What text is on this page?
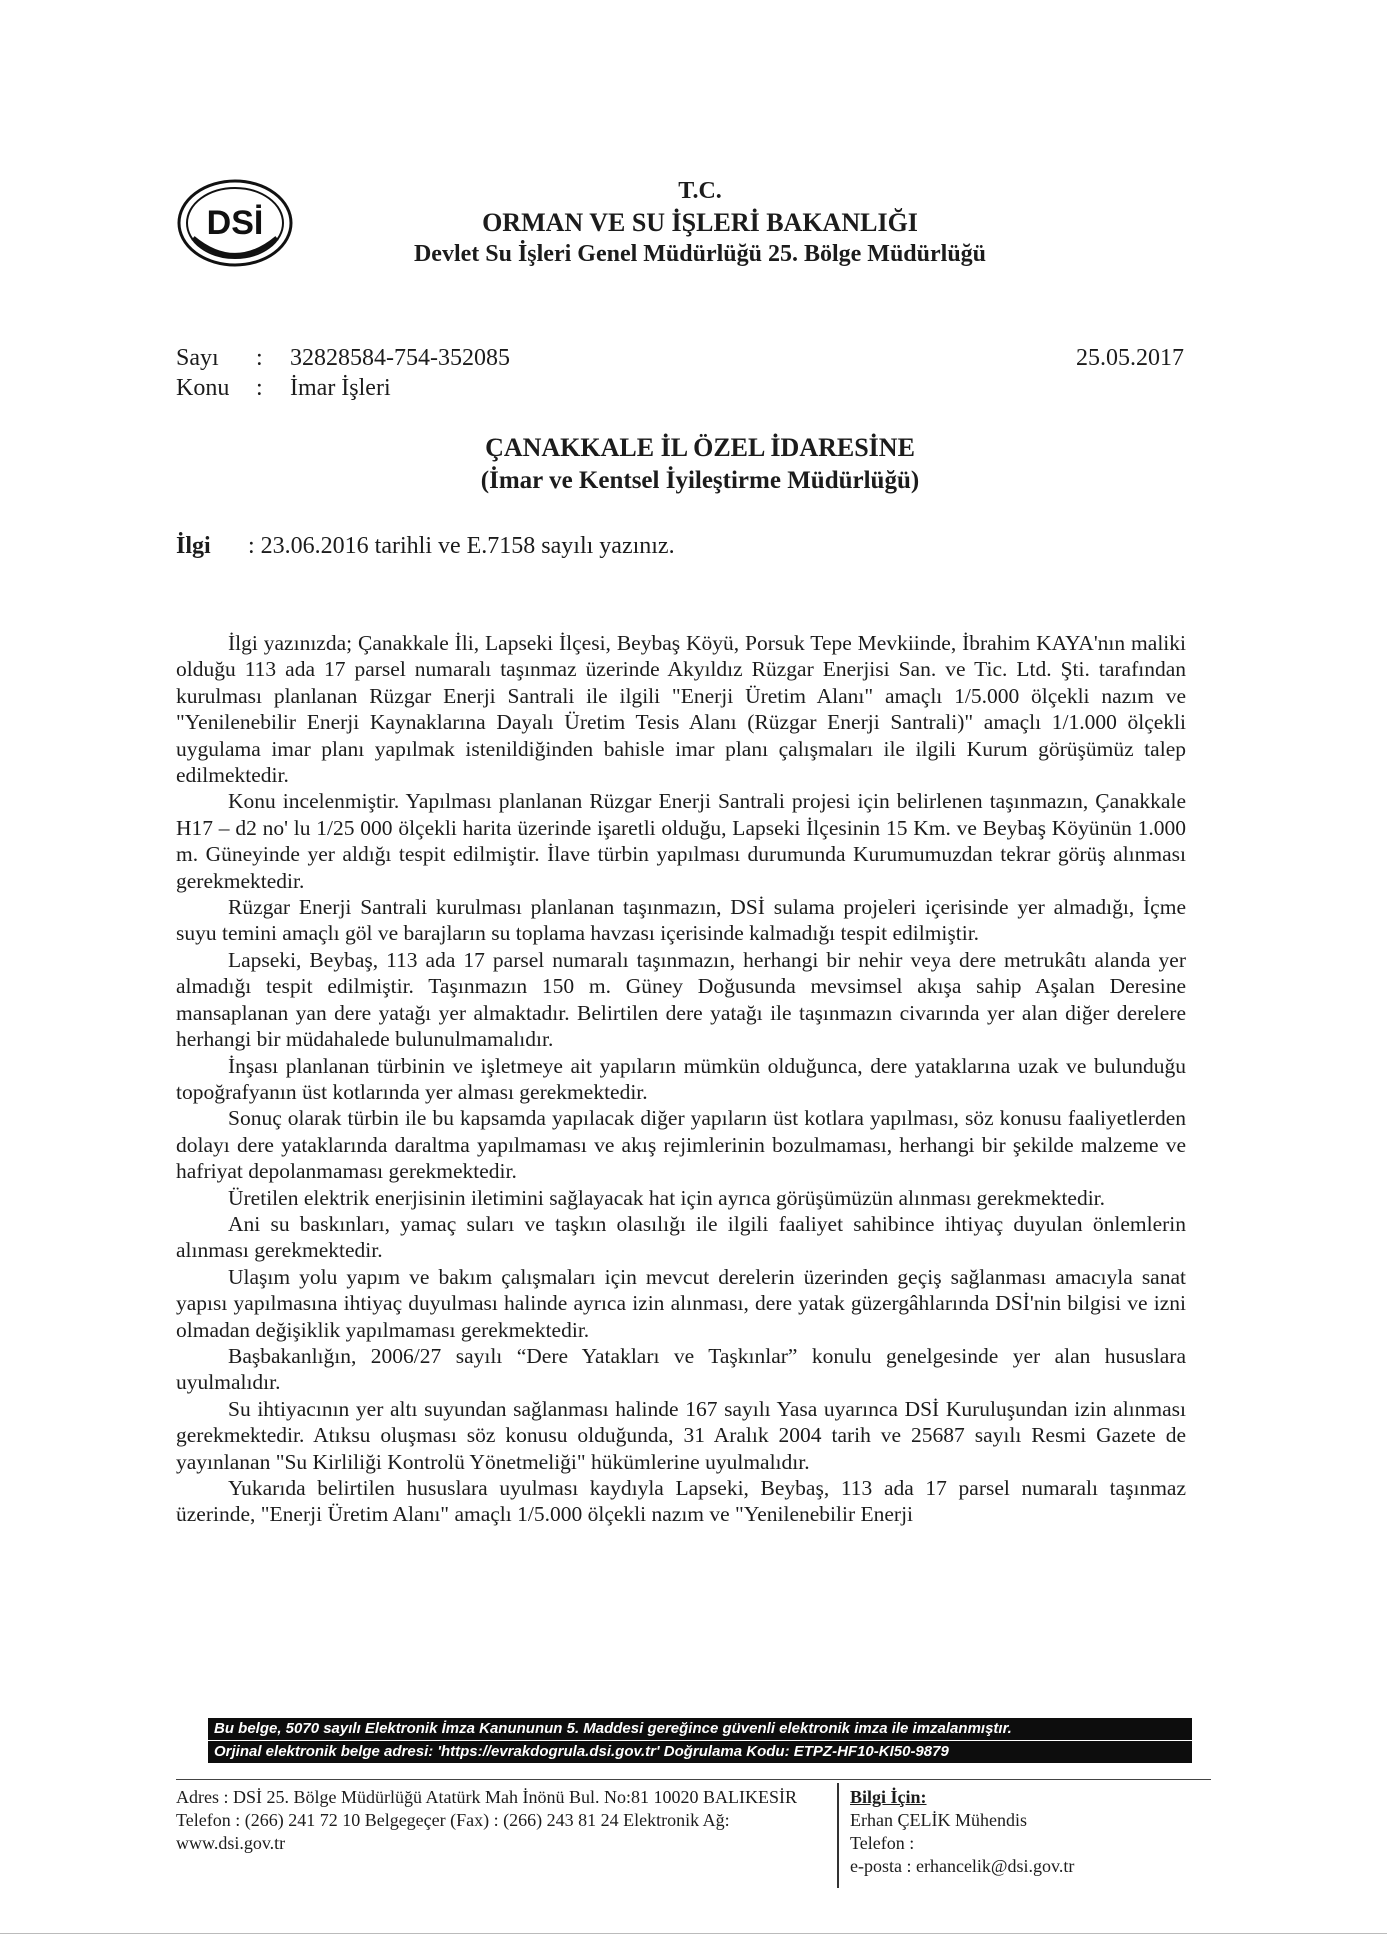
DSİ
T.C.
ORMAN VE SU İŞLERİ BAKANLIĞI
Devlet Su İşleri Genel Müdürlüğü 25. Bölge Müdürlüğü
Sayı : 32828584-754-352085
Konu : İmar İşleri
25.05.2017
ÇANAKKALE İL ÖZEL İDARESİNE
(İmar ve Kentsel İyileştirme Müdürlüğü)
İlgi : 23.06.2016 tarihli ve E.7158 sayılı yazınız.

İlgi yazınızda; Çanakkale İli, Lapseki İlçesi, Beybaş Köyü, Porsuk Tepe Mevkiinde, İbrahim KAYA'nın maliki olduğu 113 ada 17 parsel numaralı taşınmaz üzerinde Akyıldız Rüzgar Enerjisi San. ve Tic. Ltd. Şti. tarafından kurulması planlanan Rüzgar Enerji Santrali ile ilgili "Enerji Üretim Alanı" amaçlı 1/5.000 ölçekli nazım ve "Yenilenebilir Enerji Kaynaklarına Dayalı Üretim Tesis Alanı (Rüzgar Enerji Santrali)" amaçlı 1/1.000 ölçekli uygulama imar planı yapılmak istenildiğinden bahisle imar planı çalışmaları ile ilgili Kurum görüşümüz talep edilmektedir.

Konu incelenmiştir. Yapılması planlanan Rüzgar Enerji Santrali projesi için belirlenen taşınmazın, Çanakkale H17 – d2 no' lu 1/25 000 ölçekli harita üzerinde işaretli olduğu, Lapseki İlçesinin 15 Km. ve Beybaş Köyünün 1.000 m. Güneyinde yer aldığı tespit edilmiştir. İlave türbin yapılması durumunda Kurumumuzdan tekrar görüş alınması gerekmektedir.

Rüzgar Enerji Santrali kurulması planlanan taşınmazın, DSİ sulama projeleri içerisinde yer almadığı, İçme suyu temini amaçlı göl ve barajların su toplama havzası içerisinde kalmadığı tespit edilmiştir.

Lapseki, Beybaş, 113 ada 17 parsel numaralı taşınmazın, herhangi bir nehir veya dere metrukâtı alanda yer almadığı tespit edilmiştir. Taşınmazın 150 m. Güney Doğusunda mevsimsel akışa sahip Aşalan Deresine mansaplanan yan dere yatağı yer almaktadır. Belirtilen dere yatağı ile taşınmazın civarında yer alan diğer derelere herhangi bir müdahalede bulunulmamalıdır.

İnşası planlanan türbinin ve işletmeye ait yapıların mümkün olduğunca, dere yataklarına uzak ve bulunduğu topoğrafyanın üst kotlarında yer alması gerekmektedir.

Sonuç olarak türbin ile bu kapsamda yapılacak diğer yapıların üst kotlara yapılması, söz konusu faaliyetlerden dolayı dere yataklarında daraltma yapılmaması ve akış rejimlerinin bozulmaması, herhangi bir şekilde malzeme ve hafriyat depolanmaması gerekmektedir.

Üretilen elektrik enerjisinin iletimini sağlayacak hat için ayrıca görüşümüzün alınması gerekmektedir.

Ani su baskınları, yamaç suları ve taşkın olasılığı ile ilgili faaliyet sahibince ihtiyaç duyulan önlemlerin alınması gerekmektedir.

Ulaşım yolu yapım ve bakım çalışmaları için mevcut derelerin üzerinden geçiş sağlanması amacıyla sanat yapısı yapılmasına ihtiyaç duyulması halinde ayrıca izin alınması, dere yatak güzergâhlarında DSİ'nin bilgisi ve izni olmadan değişiklik yapılmaması gerekmektedir.

Başbakanlığın, 2006/27 sayılı “Dere Yatakları ve Taşkınlar” konulu genelgesinde yer alan hususlara uyulmalıdır.

Su ihtiyacının yer altı suyundan sağlanması halinde 167 sayılı Yasa uyarınca DSİ Kuruluşundan izin alınması gerekmektedir. Atıksu oluşması söz konusu olduğunda, 31 Aralık 2004 tarih ve 25687 sayılı Resmi Gazete de yayınlanan "Su Kirliliği Kontrolü Yönetmeliği" hükümlerine uyulmalıdır.

Yukarıda belirtilen hususlara uyulması kaydıyla Lapseki, Beybaş, 113 ada 17 parsel numaralı taşınmaz üzerinde, "Enerji Üretim Alanı" amaçlı 1/5.000 ölçekli nazım ve "Yenilenebilir Enerji

Bu belge, 5070 sayılı Elektronik İmza Kanununun 5. Maddesi gereğince güvenli elektronik imza ile imzalanmıştır.
Orjinal elektronik belge adresi: 'https://evrakdogrula.dsi.gov.tr' Doğrulama Kodu: ETPZ-HF10-KI50-9879
Adres : DSİ 25. Bölge Müdürlüğü Atatürk Mah İnönü Bul. No:81 10020 BALIKESİR
Telefon : (266) 241 72 10 Belgegeçer (Fax) : (266) 243 81 24 Elektronik Ağ: www.dsi.gov.tr
Bilgi İçin:
Erhan ÇELİK Mühendis
Telefon :
e-posta : erhancelik@dsi.gov.tr
